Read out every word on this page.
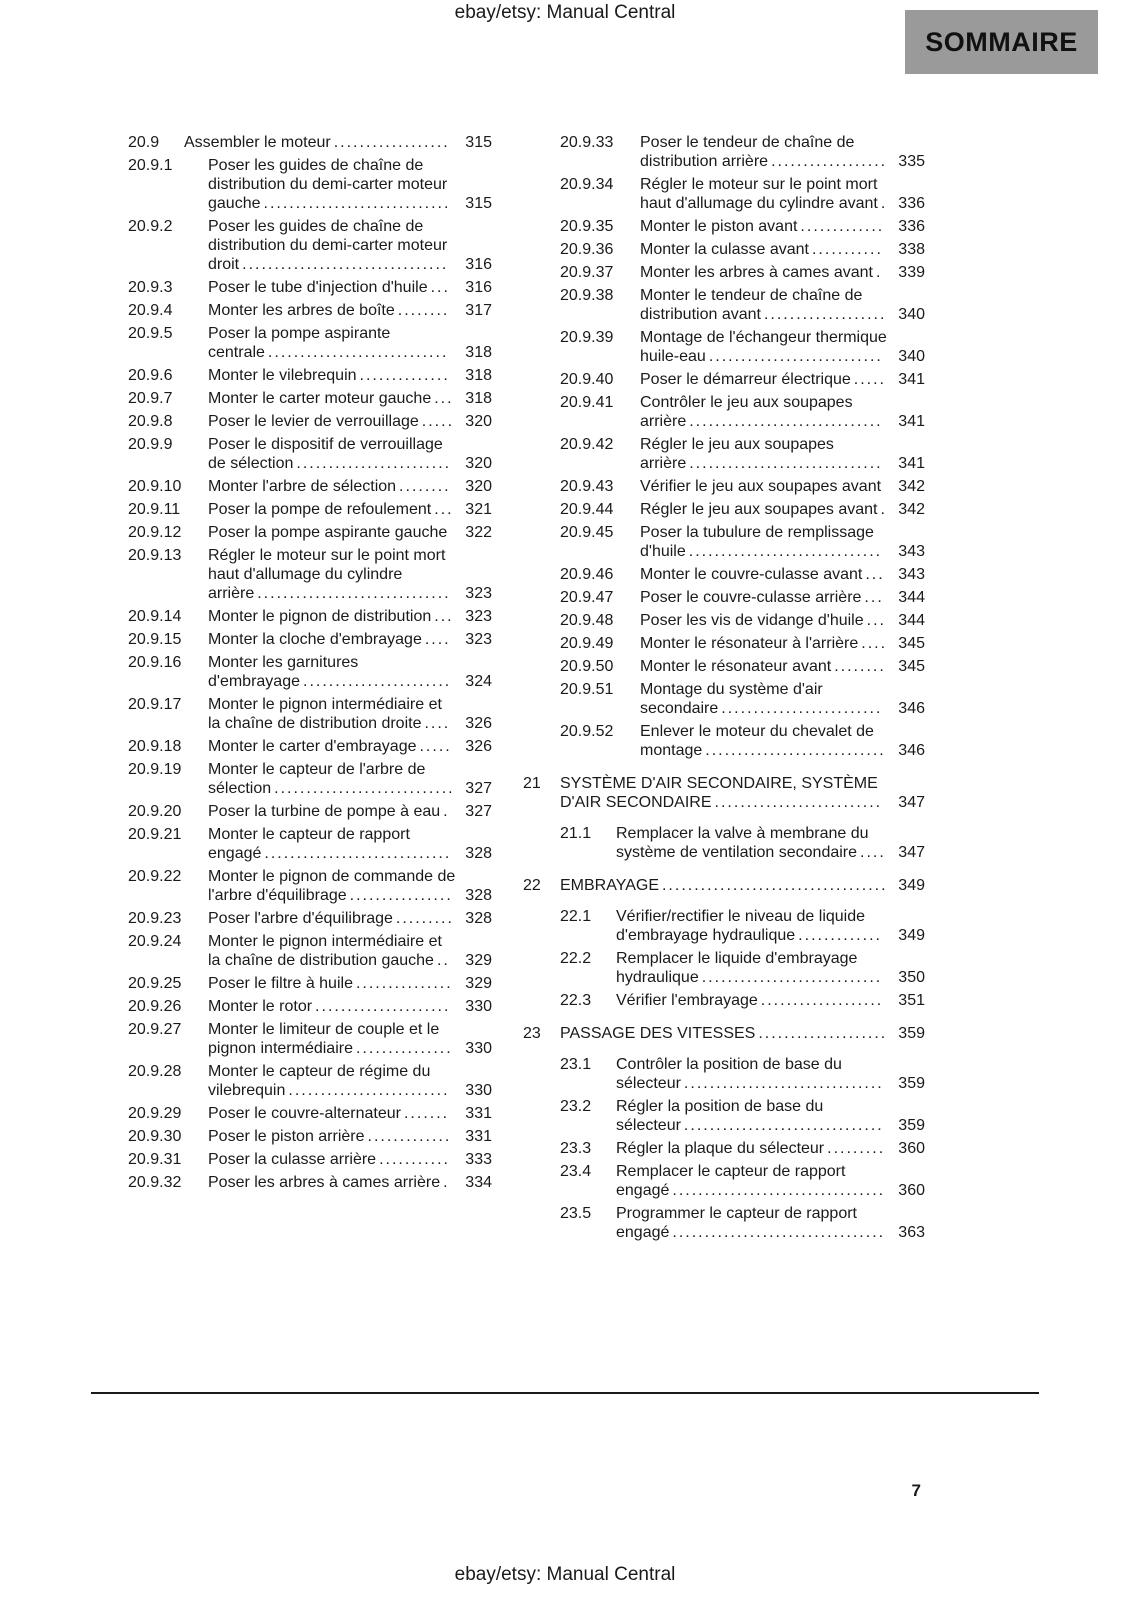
ebay/etsy: Manual Central
SOMMAIRE
20.9	Assembler le moteur .................. 315
20.9.1	Poser les guides de chaîne de distribution du demi-carter moteur gauche ............................. 315
20.9.2	Poser les guides de chaîne de distribution du demi-carter moteur droit ................................	316
20.9.3	Poser le tube d'injection d'huile ... 316
20.9.4	Monter les arbres de boîte ........ 317
20.9.5	Poser la pompe aspirante centrale ............................	318
20.9.6	Monter le vilebrequin .............. 318
20.9.7	Monter le carter moteur gauche ... 318
20.9.8	Poser le levier de verrouillage ..... 320
20.9.9	Poser le dispositif de verrouillage de sélection ........................ 320
20.9.10	Monter l'arbre de sélection ........ 320
20.9.11	Poser la pompe de refoulement ... 321
20.9.12	Poser la pompe aspirante gauche	322
20.9.13	Régler le moteur sur le point mort haut d'allumage du cylindre arrière .............................. 323
20.9.14	Monter le pignon de distribution ... 323
20.9.15	Monter la cloche d'embrayage .... 323
20.9.16	Monter les garnitures d'embrayage ....................... 324
20.9.17	Monter le pignon intermédiaire et la chaîne de distribution droite .... 326
20.9.18	Monter le carter d'embrayage ..... 326
20.9.19	Monter le capteur de l'arbre de sélection ............................ 327
20.9.20	Poser la turbine de pompe à eau . 327
20.9.21	Monter le capteur de rapport engagé ............................. 328
20.9.22	Monter le pignon de commande de l'arbre d'équilibrage ................ 328
20.9.23	Poser l'arbre d'équilibrage ......... 328
20.9.24	Monter le pignon intermédiaire et la chaîne de distribution gauche .. 329
20.9.25	Poser le filtre à huile ............... 329
20.9.26	Monter le rotor ..................... 330
20.9.27	Monter le limiteur de couple et le pignon intermédiaire ............... 330
20.9.28	Monter le capteur de régime du vilebrequin ......................... 330
20.9.29	Poser le couvre-alternateur .......	331
20.9.30	Poser le piston arrière ............. 331
20.9.31	Poser la culasse arrière ........... 333
20.9.32	Poser les arbres à cames arrière . 334
20.9.33	Poser le tendeur de chaîne de distribution arrière .................. 335
20.9.34	Régler le moteur sur le point mort haut d'allumage du cylindre avant . 336
20.9.35	Monter le piston avant ............. 336
20.9.36	Monter la culasse avant ........... 338
20.9.37	Monter les arbres à cames avant . 339
20.9.38	Monter le tendeur de chaîne de distribution avant ................... 340
20.9.39	Montage de l'échangeur thermique huile-eau ........................... 340
20.9.40	Poser le démarreur électrique ..... 341
20.9.41	Contrôler le jeu aux soupapes arrière .............................. 341
20.9.42	Régler le jeu aux soupapes arrière .............................. 341
20.9.43	Vérifier le jeu aux soupapes avant	342
20.9.44	Régler le jeu aux soupapes avant . 342
20.9.45	Poser la tubulure de remplissage d'huile ..............................	343
20.9.46	Monter le couvre-culasse avant ... 343
20.9.47	Poser le couvre-culasse arrière ... 344
20.9.48	Poser les vis de vidange d'huile ... 344
20.9.49	Monter le résonateur à l'arrière .... 345
20.9.50	Monter le résonateur avant ........ 345
20.9.51	Montage du système d'air secondaire ......................... 346
20.9.52	Enlever le moteur du chevalet de montage ............................ 346
21	SYSTÈME D'AIR SECONDAIRE, SYSTÈME D'AIR SECONDAIRE ..........................	347
21.1	Remplacer la valve à membrane du système de ventilation secondaire .... 347
22	EMBRAYAGE ................................... 349
22.1	Vérifier/rectifier le niveau de liquide d'embrayage hydraulique .............	349
22.2	Remplacer le liquide d'embrayage hydraulique ............................	350
22.3	Vérifier l'embrayage ................... 351
23	PASSAGE DES VITESSES .................... 359
23.1	Contrôler la position de base du sélecteur ............................... 359
23.2	Régler la position de base du sélecteur ............................... 359
23.3	Régler la plaque du sélecteur ......... 360
23.4	Remplacer le capteur de rapport engagé ................................. 360
23.5	Programmer le capteur de rapport engagé ................................. 363
7
ebay/etsy: Manual Central
